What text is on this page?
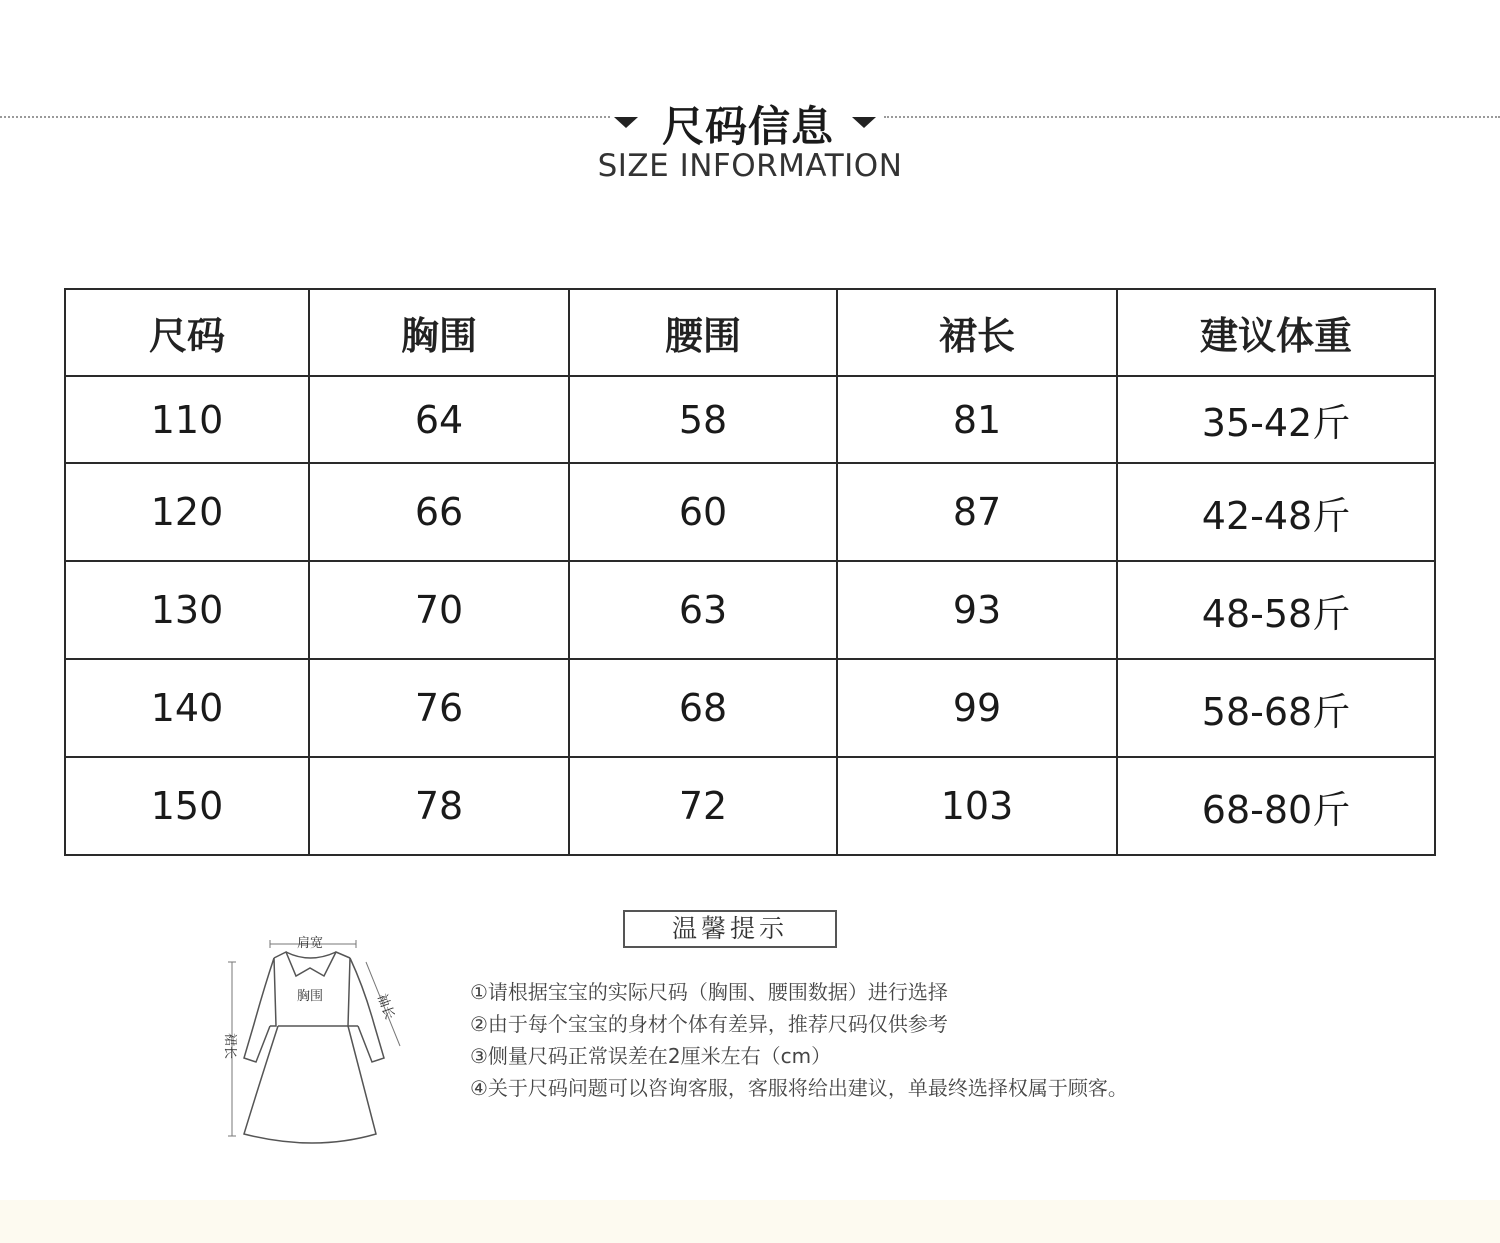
尺码信息
SIZE INFORMATION
尺码	胸围	腰围	裙长	建议体重
110	64	58	81	35-42斤
120	66	60	87	42-48斤
130	70	63	93	48-58斤
140	76	68	99	58-68斤
150	78	72	103	68-80斤
肩宽
胸围	袖长
裙长
温馨提示
①请根据宝宝的实际尺码（胸围、腰围数据）进行选择
②由于每个宝宝的身材个体有差异，推荐尺码仅供参考
③侧量尺码正常误差在2厘米左右（cm）
④关于尺码问题可以咨询客服，客服将给出建议，单最终选择权属于顾客。
